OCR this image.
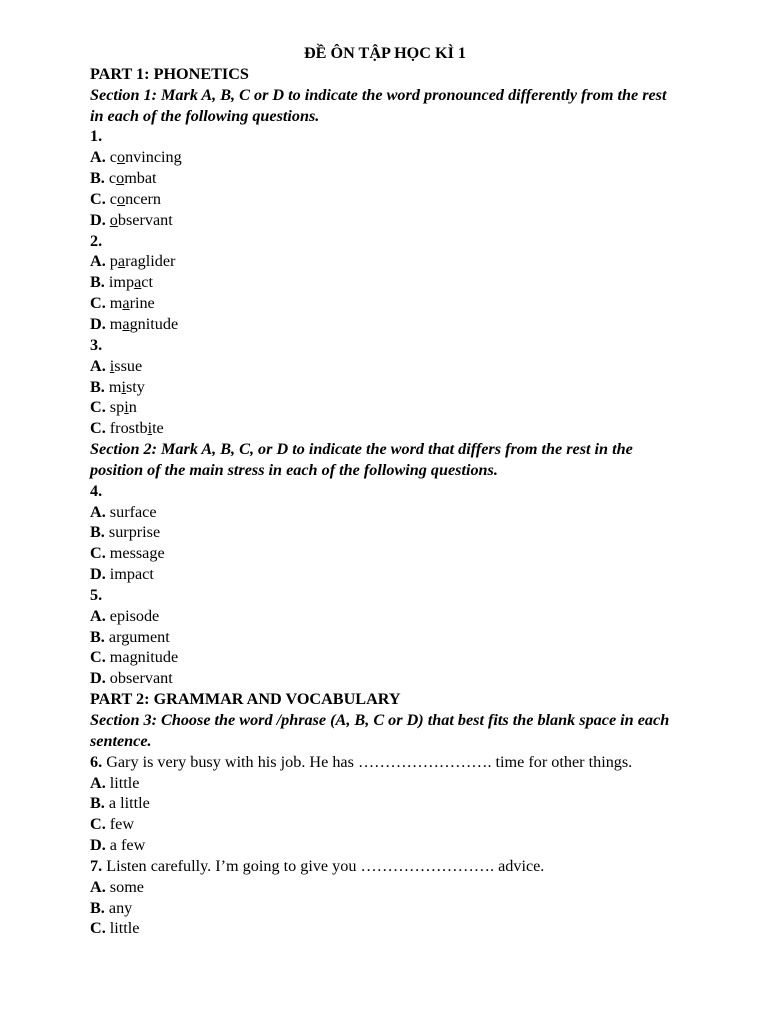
ĐỀ ÔN TẬP HỌC KÌ 1
PART 1: PHONETICS
Section 1: Mark A, B, C or D to indicate the word pronounced differently from the rest in each of the following questions.
1.
A. convincing
B. combat
C. concern
D. observant
2.
A. paraglider
B. impact
C. marine
D. magnitude
3.
A. issue
B. misty
C. spin
C. frostbite
Section 2: Mark A, B, C, or D to indicate the word that differs from the rest in the position of the main stress in each of the following questions.
4.
A. surface
B. surprise
C. message
D. impact
5.
A. episode
B. argument
C. magnitude
D. observant
PART 2: GRAMMAR AND VOCABULARY
Section 3: Choose the word /phrase (A, B, C or D) that best fits the blank space in each sentence.
6. Gary is very busy with his job. He has ……………………. time for other things.
A. little
B. a little
C. few
D. a few
7. Listen carefully. I’m going to give you ……………………. advice.
A. some
B. any
C. little
